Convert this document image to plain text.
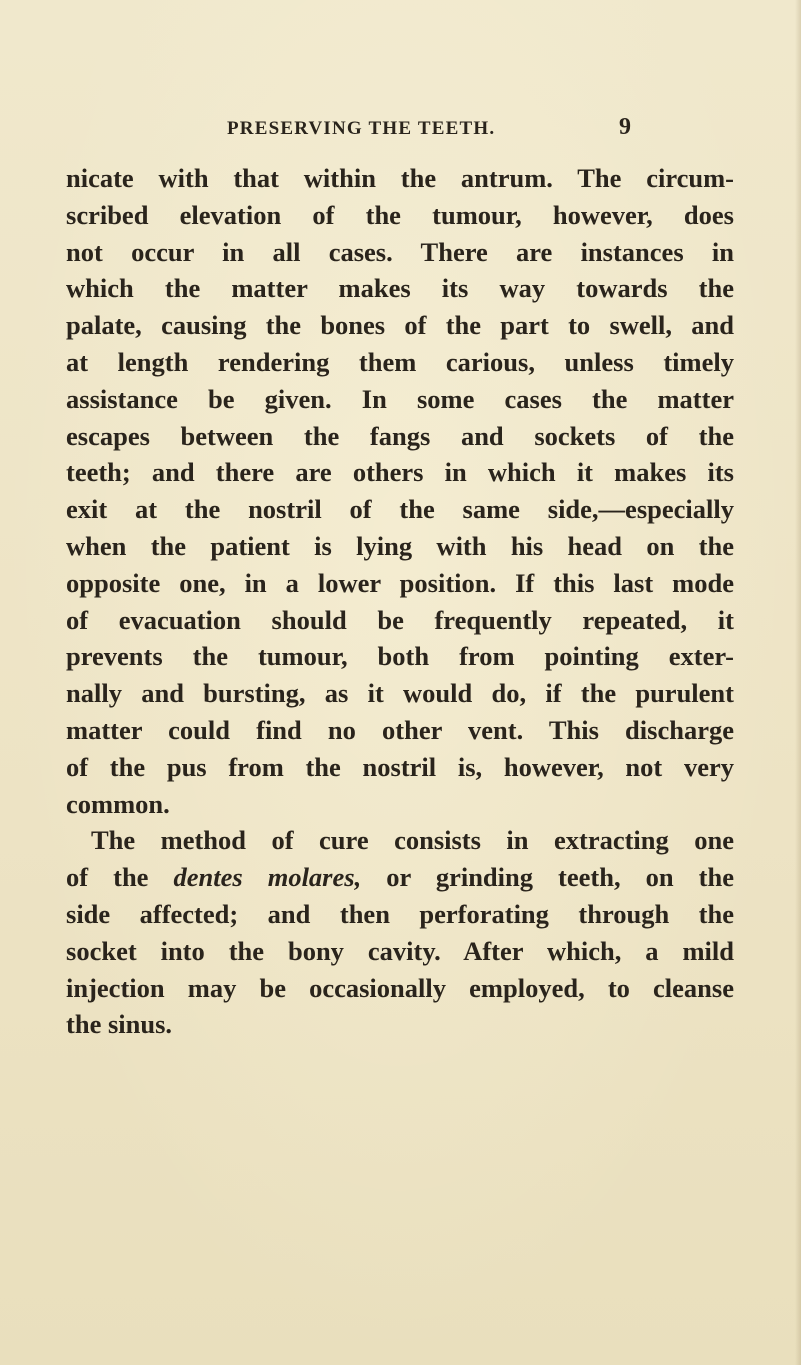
PRESERVING THE TEETH.	9
nicate with that within the antrum. The circum-
scribed elevation of the tumour, however, does
not occur in all cases. There are instances in
which the matter makes its way towards the
palate, causing the bones of the part to swell, and
at length rendering them carious, unless timely
assistance be given. In some cases the matter
escapes between the fangs and sockets of the
teeth; and there are others in which it makes its
exit at the nostril of the same side,—especially
when the patient is lying with his head on the
opposite one, in a lower position. If this last mode
of evacuation should be frequently repeated, it
prevents the tumour, both from pointing exter-
nally and bursting, as it would do, if the purulent
matter could find no other vent. This discharge
of the pus from the nostril is, however, not very
common.
The method of cure consists in extracting one
of the dentes molares, or grinding teeth, on the
side affected; and then perforating through the
socket into the bony cavity. After which, a mild
injection may be occasionally employed, to cleanse
the sinus.
